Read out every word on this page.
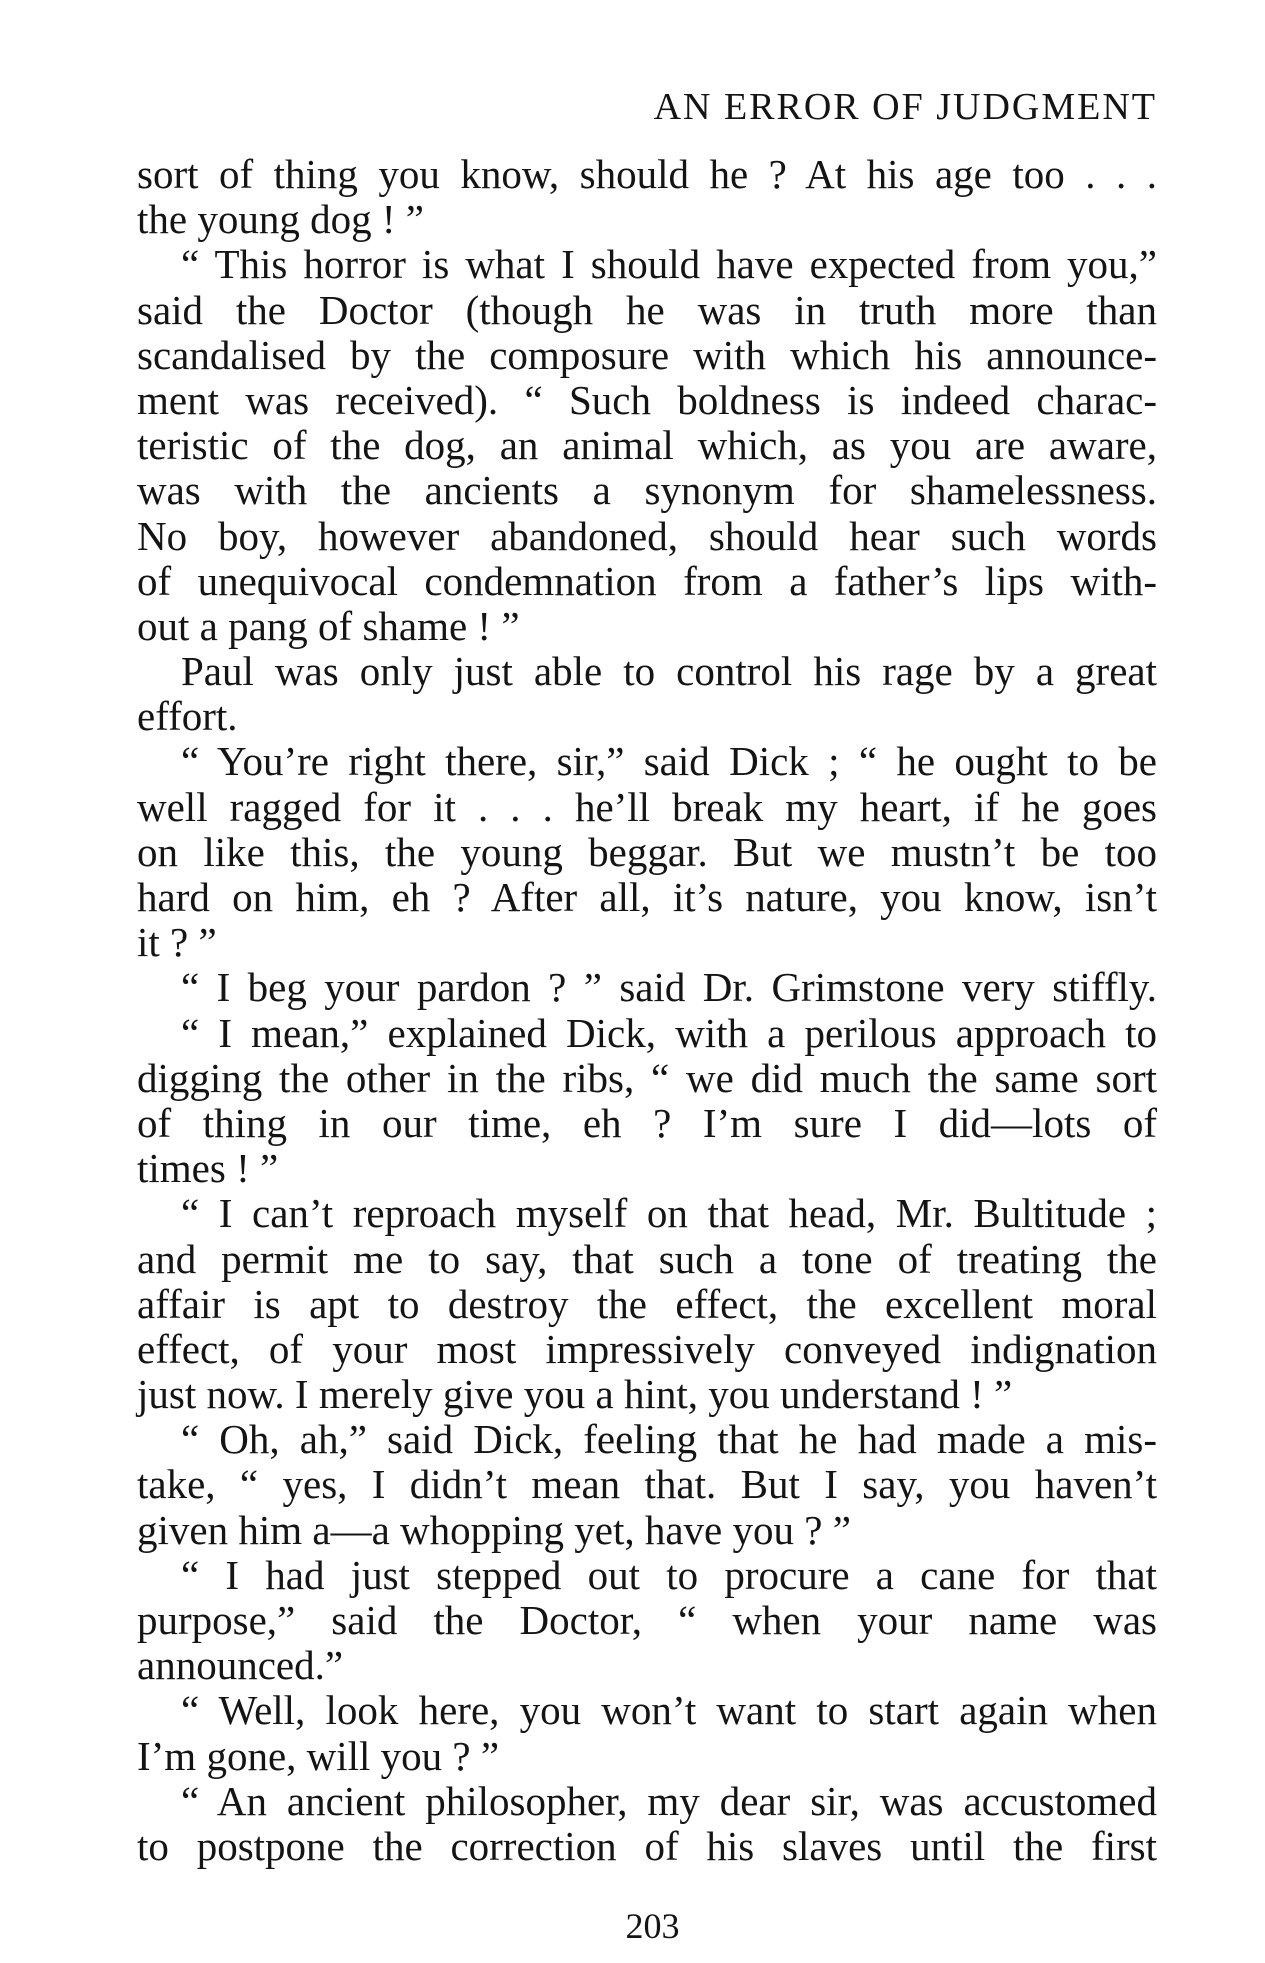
AN ERROR OF JUDGMENT
sort of thing you know, should he ? At his age too . . .
the young dog ! ”
“ This horror is what I should have expected from you,”
said the Doctor (though he was in truth more than
scandalised by the composure with which his announce-
ment was received). “ Such boldness is indeed charac-
teristic of the dog, an animal which, as you are aware,
was with the ancients a synonym for shamelessness.
No boy, however abandoned, should hear such words
of unequivocal condemnation from a father’s lips with-
out a pang of shame ! ”
Paul was only just able to control his rage by a great
effort.
“ You’re right there, sir,” said Dick ; “ he ought to be
well ragged for it . . . he’ll break my heart, if he goes
on like this, the young beggar. But we mustn’t be too
hard on him, eh ? After all, it’s nature, you know, isn’t
it ? ”
“ I beg your pardon ? ” said Dr. Grimstone very stiffly.
“ I mean,” explained Dick, with a perilous approach to
digging the other in the ribs, “ we did much the same sort
of thing in our time, eh ? I’m sure I did—lots of
times ! ”
“ I can’t reproach myself on that head, Mr. Bultitude ;
and permit me to say, that such a tone of treating the
affair is apt to destroy the effect, the excellent moral
effect, of your most impressively conveyed indignation
just now. I merely give you a hint, you understand ! ”
“ Oh, ah,” said Dick, feeling that he had made a mis-
take, “ yes, I didn’t mean that. But I say, you haven’t
given him a—a whopping yet, have you ? ”
“ I had just stepped out to procure a cane for that
purpose,” said the Doctor, “ when your name was
announced.”
“ Well, look here, you won’t want to start again when
I’m gone, will you ? ”
“ An ancient philosopher, my dear sir, was accustomed
to postpone the correction of his slaves until the first
203
